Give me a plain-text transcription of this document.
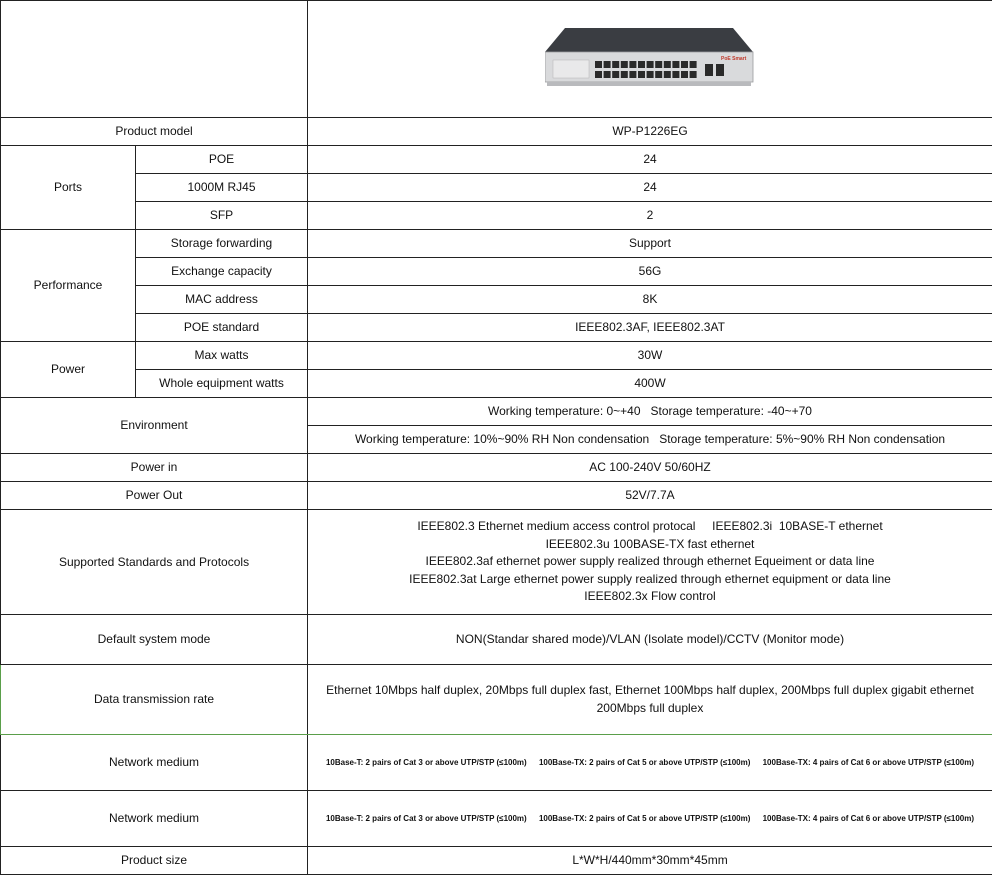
PoE Smart

Product model		WP-P1226EG
Ports	POE	24
	1000M RJ45	24
	SFP	2
Performance	Storage forwarding	Support
	Exchange capacity	56G
	MAC address	8K
	POE standard	IEEE802.3AF, IEEE802.3AT
Power	Max watts	30W
	Whole equipment watts	400W
Environment		Working temperature: 0~+40   Storage temperature: -40~+70
		Working temperature: 10%~90% RH Non condensation   Storage temperature: 5%~90% RH Non condensation
Power in		AC 100-240V 50/60HZ
Power Out		52V/7.7A
Supported Standards and Protocols		IEEE802.3 Ethernet medium access control protocal     IEEE802.3i  10BASE-T ethernet
IEEE802.3u 100BASE-TX fast ethernet
IEEE802.3af ethernet power supply realized through ethernet Equeiment or data line
IEEE802.3at Large ethernet power supply realized through ethernet equipment or data line
IEEE802.3x Flow control

Default system mode		NON(Standar shared mode)/VLAN (Isolate model)/CCTV (Monitor mode)
Data transmission rate		Ethernet 10Mbps half duplex, 20Mbps full duplex fast, Ethernet 100Mbps half duplex, 200Mbps full duplex gigabit ethernet
200Mbps full duplex

Network medium		10Base-T: 2 pairs of Cat 3 or above UTP/STP (≤100m) 100Base-TX: 2 pairs of Cat 5 or above UTP/STP (≤100m) 100Base-TX: 4 pairs of Cat 6 or above UTP/STP (≤100m)
Network medium		10Base-T: 2 pairs of Cat 3 or above UTP/STP (≤100m) 100Base-TX: 2 pairs of Cat 5 or above UTP/STP (≤100m) 100Base-TX: 4 pairs of Cat 6 or above UTP/STP (≤100m)
Product size		L*W*H/440mm*30mm*45mm
